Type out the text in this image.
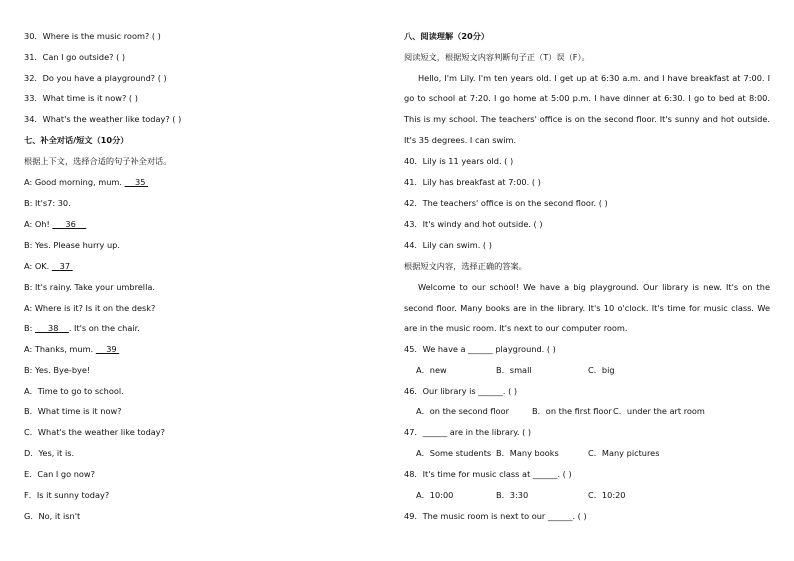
30．Where is the music room? ( )
31．Can I go outside? ( )
32．Do you have a playground? ( )
33．What time is it now? ( )
34．What's the weather like today? ( )
七、补全对话/短文（10分）
根据上下文，选择合适的句子补全对话。
A: Good morning, mum.     35
B: It's7: 30.
A: Oh!      36
B: Yes. Please hurry up.
A: OK.    37
B: It's rainy. Take your umbrella.
A: Where is it? Is it on the desk?
B:      38 . It's on the chair.
A: Thanks, mum.     39
B: Yes. Bye-bye!
A．Time to go to school.
B．What time is it now?
C．What's the weather like today?
D．Yes, it is.
E．Can I go now?
F．Is it sunny today?
G．No, it isn't
八、阅读理解（20分）
阅读短文，根据短文内容判断句子正（T）误（F）。
Hello, I'm Lily. I'm ten years old. I get up at 6:30 a.m. and I have breakfast at 7:00. I
go to school at 7:20. I go home at 5:00 p.m. I have dinner at 6:30. I go to bed at 8:00.
This is my school. The teachers' office is on the second floor. It's sunny and hot outside.
It's 35 degrees. I can swim.
40．Lily is 11 years old. ( )
41．Lily has breakfast at 7:00. ( )
42．The teachers' office is on the second floor. ( )
43．It's windy and hot outside. ( )
44．Lily can swim. ( )
根据短文内容，选择正确的答案。
Welcome to our school! We have a big playground. Our library is new. It's on the
second floor. Many books are in the library. It's 10 o'clock. It's time for music class. We
are in the music room. It's next to our computer room.
45．We have a ______ playground. ( )
A．new	B．small	C．big
46．Our library is ______. ( )
A．on the second floor	B．on the first floor C．under the art room
47．______ are in the library. ( )
A．Some students B．Many books	C．Many pictures
48．It's time for music class at ______. ( )
A．10:00	B．3:30	C．10:20
49．The music room is next to our ______. ( )
